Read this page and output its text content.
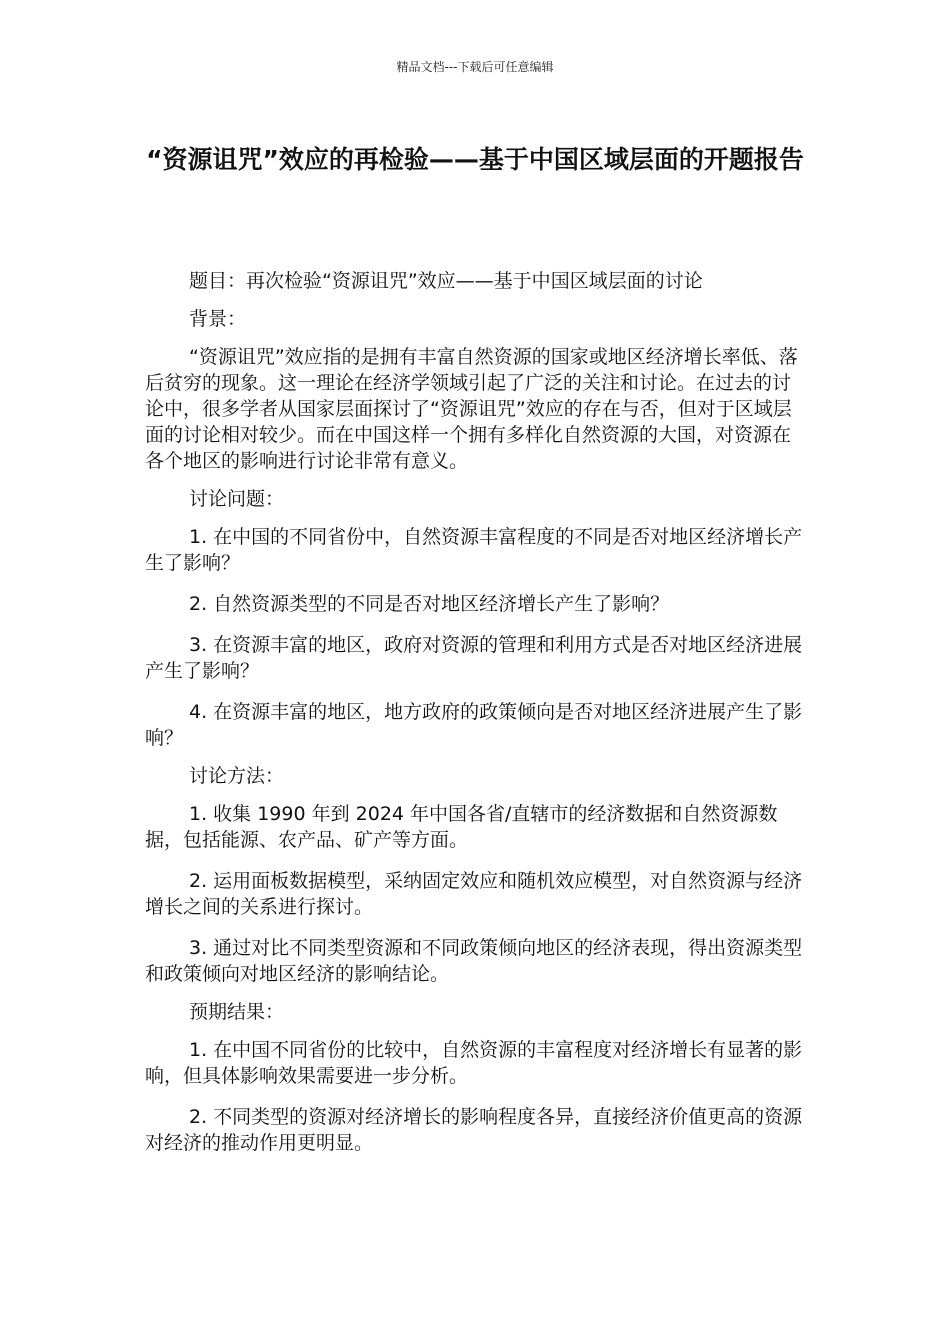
精品文档---下载后可任意编辑
“资源诅咒”效应的再检验——基于中国区域层面的开题报告

题目：再次检验“资源诅咒”效应——基于中国区域层面的讨论

背景：

“资源诅咒”效应指的是拥有丰富自然资源的国家或地区经济增长率低、落后贫穷的现象。这一理论在经济学领域引起了广泛的关注和讨论。在过去的讨论中，很多学者从国家层面探讨了“资源诅咒”效应的存在与否，但对于区域层面的讨论相对较少。而在中国这样一个拥有多样化自然资源的大国，对资源在各个地区的影响进行讨论非常有意义。

讨论问题：

1. 在中国的不同省份中，自然资源丰富程度的不同是否对地区经济增长产生了影响？

2. 自然资源类型的不同是否对地区经济增长产生了影响？

3. 在资源丰富的地区，政府对资源的管理和利用方式是否对地区经济进展产生了影响？

4. 在资源丰富的地区，地方政府的政策倾向是否对地区经济进展产生了影响？

讨论方法：

1. 收集 1990 年到 2024 年中国各省/直辖市的经济数据和自然资源数据，包括能源、农产品、矿产等方面。

2. 运用面板数据模型，采纳固定效应和随机效应模型，对自然资源与经济增长之间的关系进行探讨。

3. 通过对比不同类型资源和不同政策倾向地区的经济表现，得出资源类型和政策倾向对地区经济的影响结论。

预期结果：

1. 在中国不同省份的比较中，自然资源的丰富程度对经济增长有显著的影响，但具体影响效果需要进一步分析。

2. 不同类型的资源对经济增长的影响程度各异，直接经济价值更高的资源对经济的推动作用更明显。
